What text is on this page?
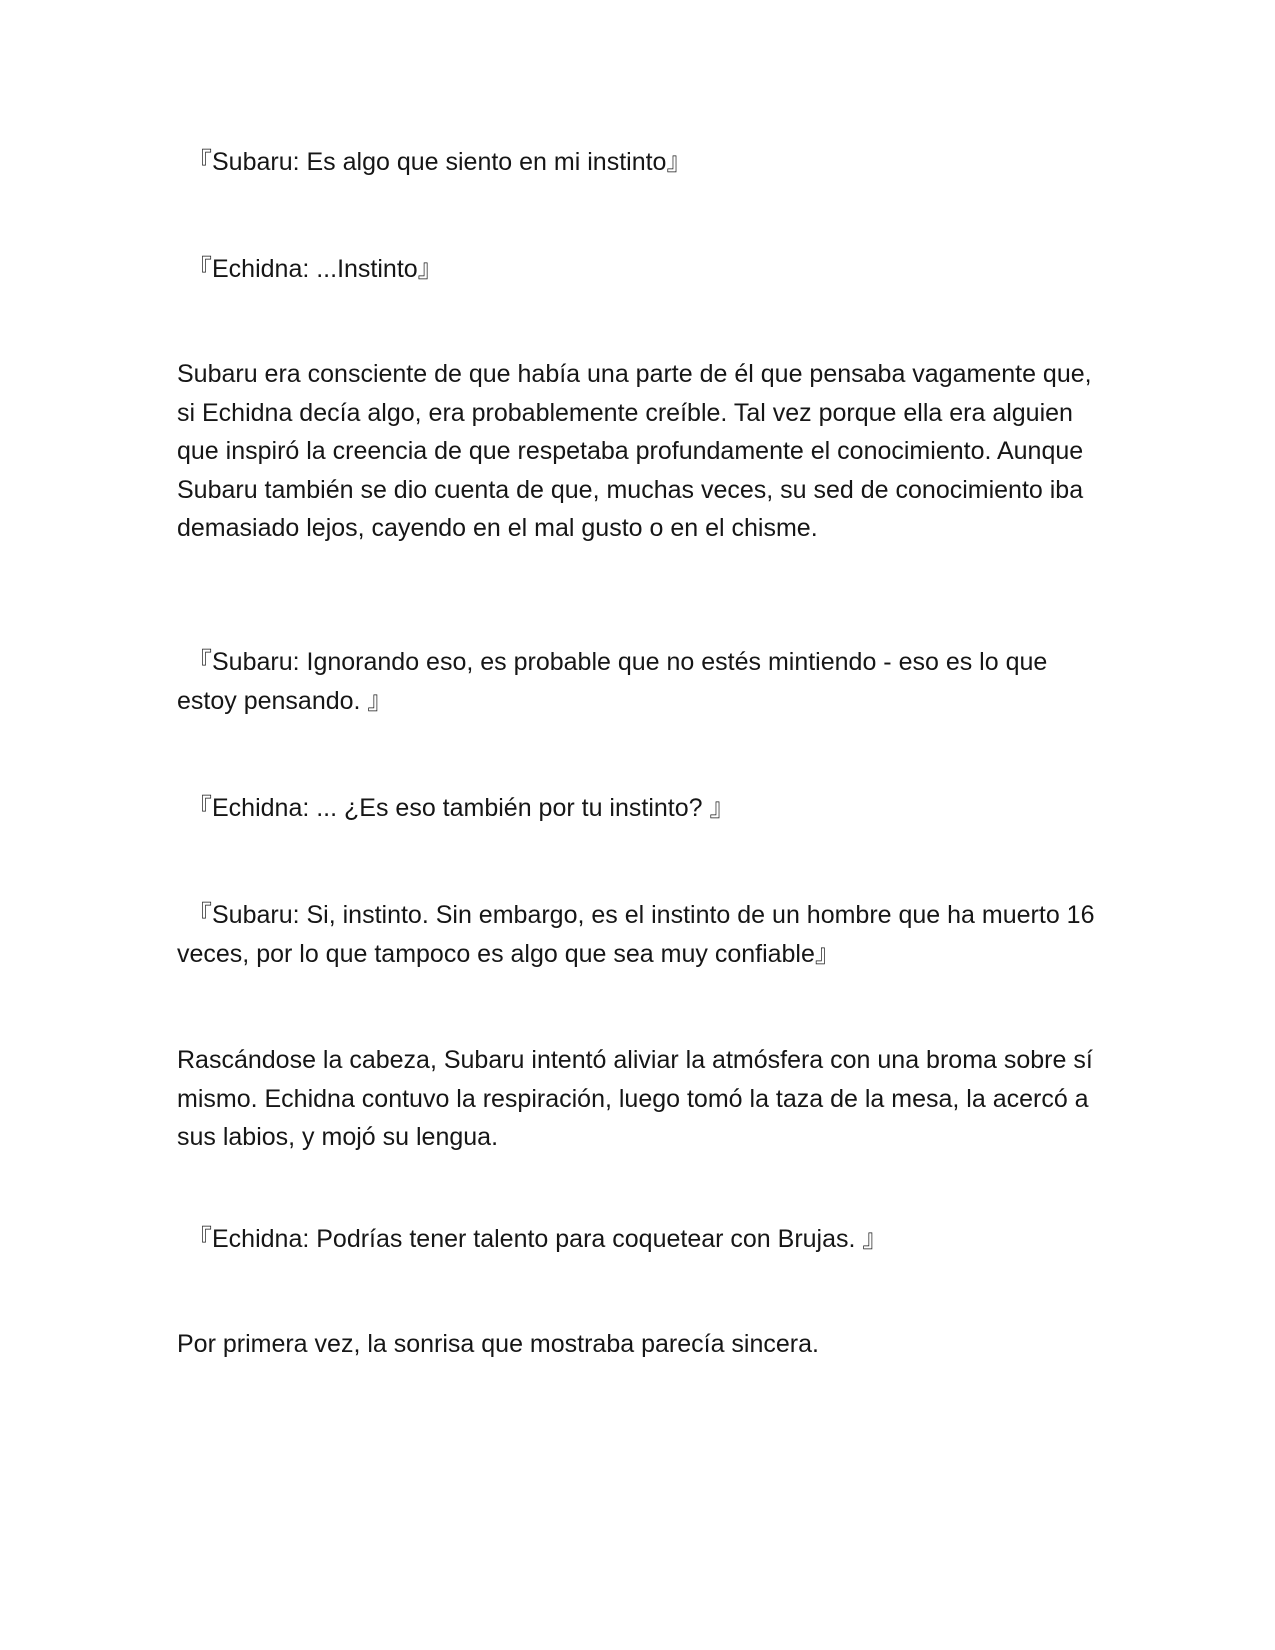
『Subaru: Es algo que siento en mi instinto』

『Echidna: ...Instinto』

Subaru era consciente de que había una parte de él que pensaba vagamente que, si Echidna decía algo, era probablemente creíble. Tal vez porque ella era alguien que inspiró la creencia de que respetaba profundamente el conocimiento. Aunque Subaru también se dio cuenta de que, muchas veces, su sed de conocimiento iba demasiado lejos, cayendo en el mal gusto o en el chisme.

『Subaru: Ignorando eso, es probable que no estés mintiendo - eso es lo que estoy pensando. 』

『Echidna: ... ¿Es eso también por tu instinto? 』

『Subaru: Si, instinto. Sin embargo, es el instinto de un hombre que ha muerto 16 veces, por lo que tampoco es algo que sea muy confiable』

Rascándose la cabeza, Subaru intentó aliviar la atmósfera con una broma sobre sí mismo. Echidna contuvo la respiración, luego tomó la taza de la mesa, la acercó a sus labios, y mojó su lengua.

『Echidna: Podrías tener talento para coquetear con Brujas. 』

Por primera vez, la sonrisa que mostraba parecía sincera.
